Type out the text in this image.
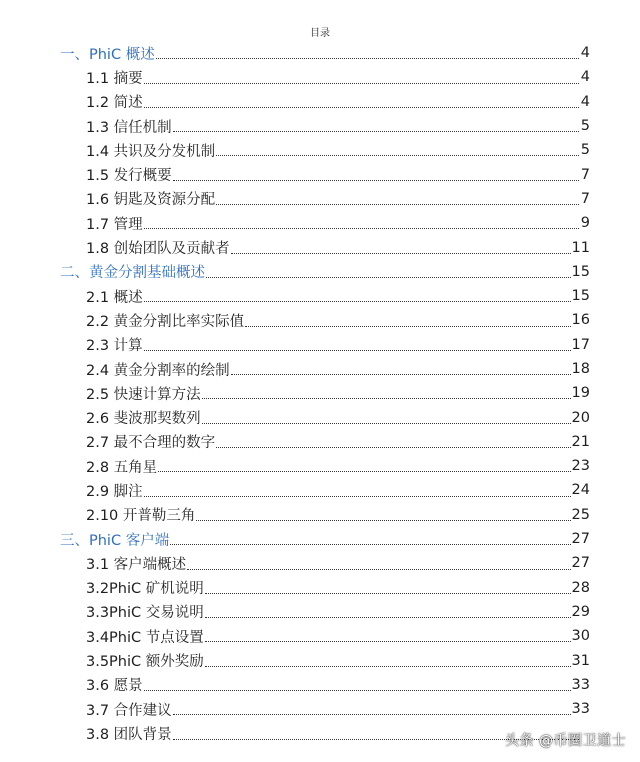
目录
一、PhiC 概述	4
1.1 摘要	4
1.2 简述	4
1.3 信任机制	5
1.4 共识及分发机制	5
1.5 发行概要	7
1.6 钥匙及资源分配	7
1.7 管理	9
1.8 创始团队及贡献者	11
二、黄金分割基础概述	15
2.1 概述	15
2.2 黄金分割比率实际值	16
2.3 计算	17
2.4 黄金分割率的绘制	18
2.5 快速计算方法	19
2.6 斐波那契数列	20
2.7 最不合理的数字	21
2.8 五角星	23
2.9 脚注	24
2.10 开普勒三角	25
三、PhiC 客户端	27
3.1 客户端概述	27
3.2PhiC 矿机说明	28
3.3PhiC 交易说明	29
3.4PhiC 节点设置	30
3.5PhiC 额外奖励	31
3.6 愿景	33
3.7 合作建议	33
3.8 团队背景	头条 @币圈卫道士
